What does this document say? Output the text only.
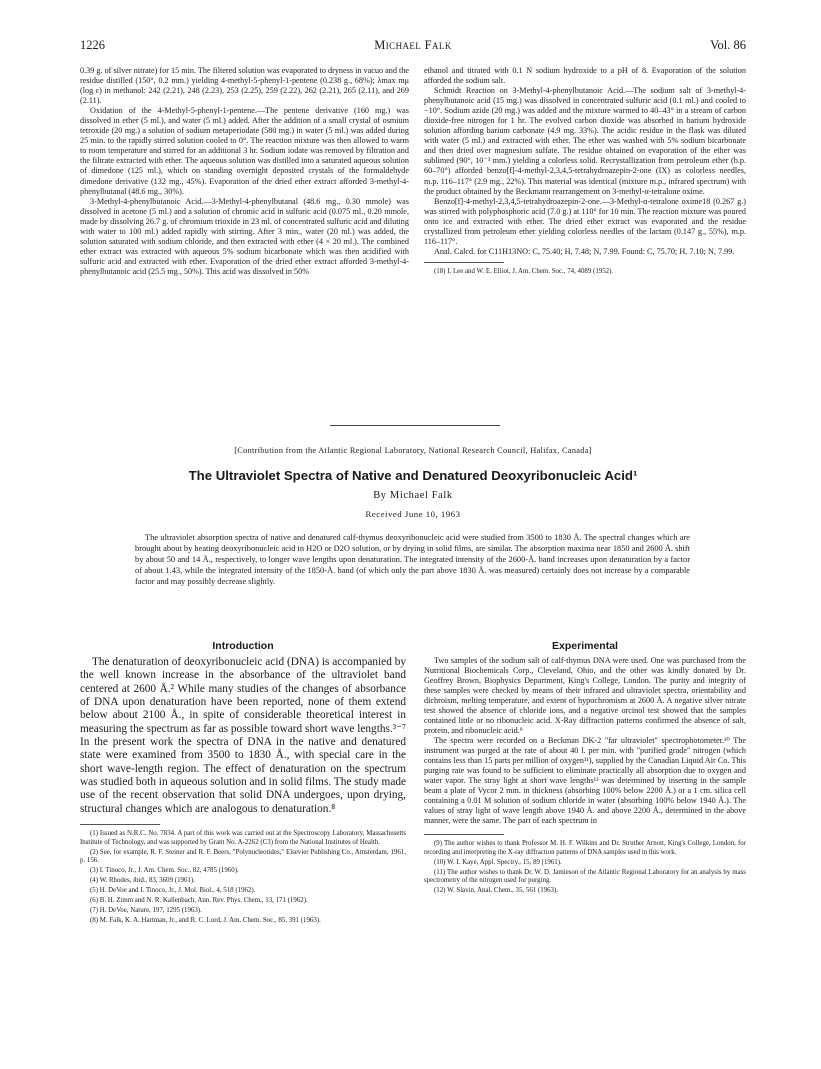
1226	Michael Falk	Vol. 86

0.39 g. of silver nitrate) for 15 min. The filtered solution was evaporated to dryness in vacuo and the residue distilled (150°, 0.2 mm.) yielding 4-methyl-5-phenyl-1-pentene (0.238 g., 68%); λmax mμ (log ε) in methanol: 242 (2.21), 248 (2.23), 253 (2.25), 259 (2.22), 262 (2.21), 265 (2.11), and 269 (2.11).

Oxidation of the 4-Methyl-5-phenyl-1-pentene.—The pentene derivative (160 mg.) was dissolved in ether (5 ml.), and water (5 ml.) added. After the addition of a small crystal of osmium tetroxide (20 mg.) a solution of sodium metaperiodate (580 mg.) in water (5 ml.) was added during 25 min. to the rapidly stirred solution cooled to 0°. The reaction mixture was then allowed to warm to room temperature and stirred for an additional 3 hr. Sodium iodate was removed by filtration and the filtrate extracted with ether. The aqueous solution was distilled into a saturated aqueous solution of dimedone (125 ml.), which on standing overnight deposited crystals of the formaldehyde dimedone derivative (132 mg., 45%). Evaporation of the dried ether extract afforded 3-methyl-4-phenylbutanal (48.6 mg., 30%).

3-Methyl-4-phenylbutanoic Acid.—3-Methyl-4-phenylbutanal (48.6 mg., 0.30 mmole) was dissolved in acetone (5 ml.) and a solution of chromic acid in sulfuric acid (0.075 ml., 0.20 mmole, made by dissolving 26.7 g. of chromium trioxide in 23 ml. of concentrated sulfuric acid and diluting with water to 100 ml.) added rapidly with stirring. After 3 min., water (20 ml.) was added, the solution saturated with sodium chloride, and then extracted with ether (4 × 20 ml.). The combined ether extract was extracted with aqueous 5% sodium bicarbonate which was then acidified with sulfuric acid and extracted with ether. Evaporation of the dried ether extract afforded 3-methyl-4-phenylbutanoic acid (25.5 mg., 50%). This acid was dissolved in 50%

ethanol and titrated with 0.1 N sodium hydroxide to a pH of 8. Evaporation of the solution afforded the sodium salt.

Schmidt Reaction on 3-Methyl-4-phenylbutanoic Acid.—The sodium salt of 3-methyl-4-phenylbutanoic acid (15 mg.) was dissolved in concentrated sulfuric acid (0.1 ml.) and cooled to −10°. Sodium azide (20 mg.) was added and the mixture warmed to 40–43° in a stream of carbon dioxide-free nitrogen for 1 hr. The evolved carbon dioxide was absorbed in barium hydroxide solution affording barium carbonate (4.9 mg. 33%). The acidic residue in the flask was diluted with water (5 ml.) and extracted with ether. The ether was washed with 5% sodium bicarbonate and then dried over magnesium sulfate. The residue obtained on evaporation of the ether was sublimed (90°, 10⁻³ mm.) yielding a colorless solid. Recrystallization from petroleum ether (b.p. 60–70°) afforded benzo[f]-4-methyl-2,3,4,5-tetrahydroazepin-2-one (IX) as colorless needles, m.p. 116–117° (2.9 mg., 22%). This material was identical (mixture m.p., infrared spectrum) with the product obtained by the Beckmann rearrangement on 3-methyl-α-tetralone oxime.

Benzo[f]-4-methyl-2,3,4,5-tetrahydroazepin-2-one.—3-Methyl-α-tetralone oxime18 (0.267 g.) was stirred with polyphosphoric acid (7.0 g.) at 110° for 10 min. The reaction mixture was poured onto ice and extracted with ether. The dried ether extract was evaporated and the residue crystallized from petroleum ether yielding colorless needles of the lactam (0.147 g., 55%), m.p. 116–117°.

Anal. Calcd. for C11H13NO: C, 75.40; H, 7.48; N, 7.99. Found: C, 75.70; H, 7.10; N, 7.99.

(18) I. Lee and W. E. Elliot, J. Am. Chem. Soc., 74, 4089 (1952).

[Contribution from the Atlantic Regional Laboratory, National Research Council, Halifax, Canada]
The Ultraviolet Spectra of Native and Denatured Deoxyribonucleic Acid¹
By Michael Falk
Received June 10, 1963

The ultraviolet absorption spectra of native and denatured calf-thymus deoxyribonucleic acid were studied from 3500 to 1830 Å. The spectral changes which are brought about by heating deoxyribonucleic acid in H2O or D2O solution, or by drying in solid films, are similar. The absorption maxima near 1850 and 2600 Å. shift by about 50 and 14 Å., respectively, to longer wave lengths upon denaturation. The integrated intensity of the 2600-Å. band increases upon denaturation by a factor of about 1.43, while the integrated intensity of the 1850-Å. band (of which only the part above 1830 Å. was measured) certainly does not increase by a comparable factor and may possibly decrease slightly.

Introduction

The denaturation of deoxyribonucleic acid (DNA) is accompanied by the well known increase in the absorbance of the ultraviolet band centered at 2600 Å.² While many studies of the changes of absorbance of DNA upon denaturation have been reported, none of them extend below about 2100 Å., in spite of considerable theoretical interest in measuring the spectrum as far as possible toward short wave lengths.³⁻⁷ In the present work the spectra of DNA in the native and denatured state were examined from 3500 to 1830 Å., with special care in the short wave-length region. The effect of denaturation on the spectrum was studied both in aqueous solution and in solid films. The study made use of the recent observation that solid DNA undergoes, upon drying, structural changes which are analogous to denaturation.⁸

(1) Issued as N.R.C. No. 7834. A part of this work was carried out at the Spectroscopy Laboratory, Massachusetts Institute of Technology, and was supported by Grant No. A-2262 (C3) from the National Institutes of Health.

(2) See, for example, R. F. Steiner and R. F. Beers, "Polynucleotides," Elsevier Publishing Co., Amsterdam, 1961, p. 156.

(3) I. Tinoco, Jr., J. Am. Chem. Soc., 82, 4785 (1960).

(4) W. Rhodes, ibid., 83, 3609 (1961).

(5) H. DeVoe and I. Tinoco, Jr., J. Mol. Biol., 4, 518 (1962).

(6) B. H. Zimm and N. R. Kallenbach, Ann. Rev. Phys. Chem., 13, 171 (1962).

(7) H. DeVoe, Nature, 197, 1295 (1963).

(8) M. Falk, K. A. Hartman, Jr., and R. C. Lord, J. Am. Chem. Soc., 85, 391 (1963).

Experimental

Two samples of the sodium salt of calf-thymus DNA were used. One was purchased from the Nutritional Biochemicals Corp., Cleveland, Ohio, and the other was kindly donated by Dr. Geoffrey Brown, Biophysics Department, King's College, London. The purity and integrity of these samples were checked by means of their infrared and ultraviolet spectra, orientability and dichroism, melting temperature, and extent of hypochromism at 2600 Å. A negative silver nitrate test showed the absence of chloride ions, and a negative orcinol test showed that the samples contained little or no ribonucleic acid. X-Ray diffraction patterns confirmed the absence of salt, protein, and ribonucleic acid.⁹

The spectra were recorded on a Beckman DK-2 "far ultraviolet" spectrophotometer.¹⁰ The instrument was purged at the rate of about 40 l. per min. with "purified grade" nitrogen (which contains less than 15 parts per million of oxygen¹¹), supplied by the Canadian Liquid Air Co. This purging rate was found to be sufficient to eliminate practically all absorption due to oxygen and water vapor. The stray light at short wave lengths¹² was determined by inserting in the sample beam a plate of Vycor 2 mm. in thickness (absorbing 100% below 2200 Å.) or a 1 cm. silica cell containing a 0.01 M solution of sodium chloride in water (absorbing 100% below 1940 Å.). The values of stray light of wave length above 1940 Å. and above 2200 Å., determined in the above manner, were the same. The part of each spectrum in

(9) The author wishes to thank Professor M. H. F. Wilkins and Dr. Struther Arnott, King's College, London, for recording and interpreting the X-ray diffraction patterns of DNA samples used in this work.

(10) W. I. Kaye, Appl. Spectry., 15, 89 (1961).

(11) The author wishes to thank Dr. W. D. Jamieson of the Atlantic Regional Laboratory for an analysis by mass spectrometry of the nitrogen used for purging.

(12) W. Slavin, Anal. Chem., 35, 561 (1963).
